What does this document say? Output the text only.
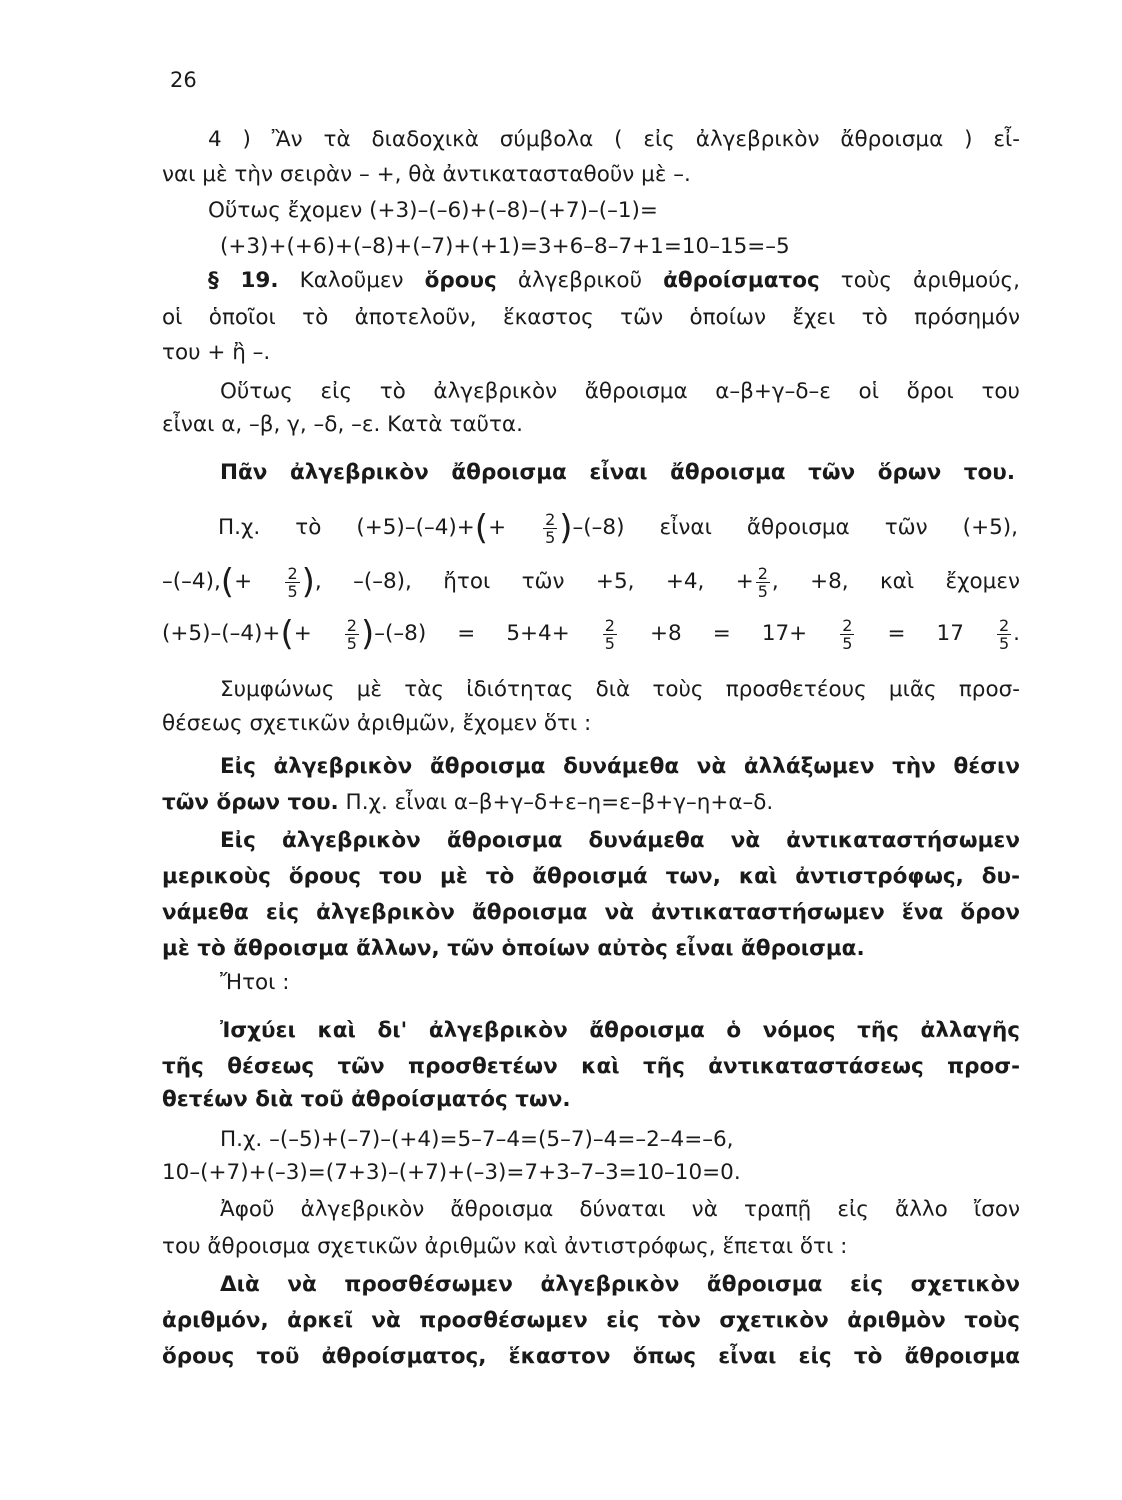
26
4 ) Ἂν τὰ διαδοχικὰ σύμβολα ( εἰς ἀλγεβρικὸν ἄθροισμα ) εἶ-
ναι μὲ τὴν σειρὰν – +, θὰ ἀντικατασταθοῦν μὲ –.
Οὕτως ἔχομεν (+3)–(–6)+(–8)–(+7)–(–1)=
(+3)+(+6)+(–8)+(–7)+(+1)=3+6–8–7+1=10–15=–5
§ 19. Καλοῦμεν ὅρους ἀλγεβρικοῦ ἀθροίσματος τοὺς ἀριθμούς,
οἱ ὁποῖοι τὸ ἀποτελοῦν, ἕκαστος τῶν ὁποίων ἔχει τὸ πρόσημόν
του + ἢ –.
Οὕτως εἰς τὸ ἀλγεβρικὸν ἄθροισμα α–β+γ–δ–ε οἱ ὅροι του
εἶναι α, –β, γ, –δ, –ε. Κατὰ ταῦτα.
Πᾶν ἀλγεβρικὸν ἄθροισμα εἶναι ἄθροισμα τῶν ὅρων του.
Π.χ. τὸ $(+5)-(-4)+(+ \frac{2}{5} )-(-8)$ εἶναι ἄθροισμα τῶν (+5),
$-(-4),(+ \frac{2}{5}$ ), –(–8), ἤτοι τῶν +5, +4, + $\frac{2}{5}$ , +8, καὶ ἔχομεν
$(+5)-(-4)+(+ \frac{2}{5} )-(-8) = 5+4+ \frac{2}{5} +8 = 17+ \frac{2}{5} = 17 \frac{2}{5}$ .
Συμφώνως μὲ τὰς ἰδιότητας διὰ τοὺς προσθετέους μιᾶς προσ-
θέσεως σχετικῶν ἀριθμῶν, ἔχομεν ὅτι :
Εἰς ἀλγεβρικὸν ἄθροισμα δυνάμεθα νὰ ἀλλάξωμεν τὴν θέσιν
τῶν ὅρων του. Π.χ. εἶναι α–β+γ–δ+ε–η=ε–β+γ–η+α–δ.
Εἰς ἀλγεβρικὸν ἄθροισμα δυνάμεθα νὰ ἀντικαταστήσωμεν
μερικοὺς ὅρους του μὲ τὸ ἄθροισμά των, καὶ ἀντιστρόφως, δυ-
νάμεθα εἰς ἀλγεβρικὸν ἄθροισμα νὰ ἀντικαταστήσωμεν ἕνα ὅρον
μὲ τὸ ἄθροισμα ἄλλων, τῶν ὁποίων αὐτὸς εἶναι ἄθροισμα.
Ἤτοι :
Ἰσχύει καὶ δι' ἀλγεβρικὸν ἄθροισμα ὁ νόμος τῆς ἀλλαγῆς
τῆς θέσεως τῶν προσθετέων καὶ τῆς ἀντικαταστάσεως προσ-
θετέων διὰ τοῦ ἀθροίσματός των.
Π.χ. –(–5)+(–7)–(+4)=5–7–4=(5–7)–4=–2–4=–6,
10–(+7)+(–3)=(7+3)–(+7)+(–3)=7+3–7–3=10–10=0.
Ἀφοῦ ἀλγεβρικὸν ἄθροισμα δύναται νὰ τραπῇ εἰς ἄλλο ἴσον
του ἄθροισμα σχετικῶν ἀριθμῶν καὶ ἀντιστρόφως, ἕπεται ὅτι :
Διὰ νὰ προσθέσωμεν ἀλγεβρικὸν ἄθροισμα εἰς σχετικὸν
ἀριθμόν, ἀρκεῖ νὰ προσθέσωμεν εἰς τὸν σχετικὸν ἀριθμὸν τοὺς
ὅρους τοῦ ἀθροίσματος, ἕκαστον ὅπως εἶναι εἰς τὸ ἄθροισμα
